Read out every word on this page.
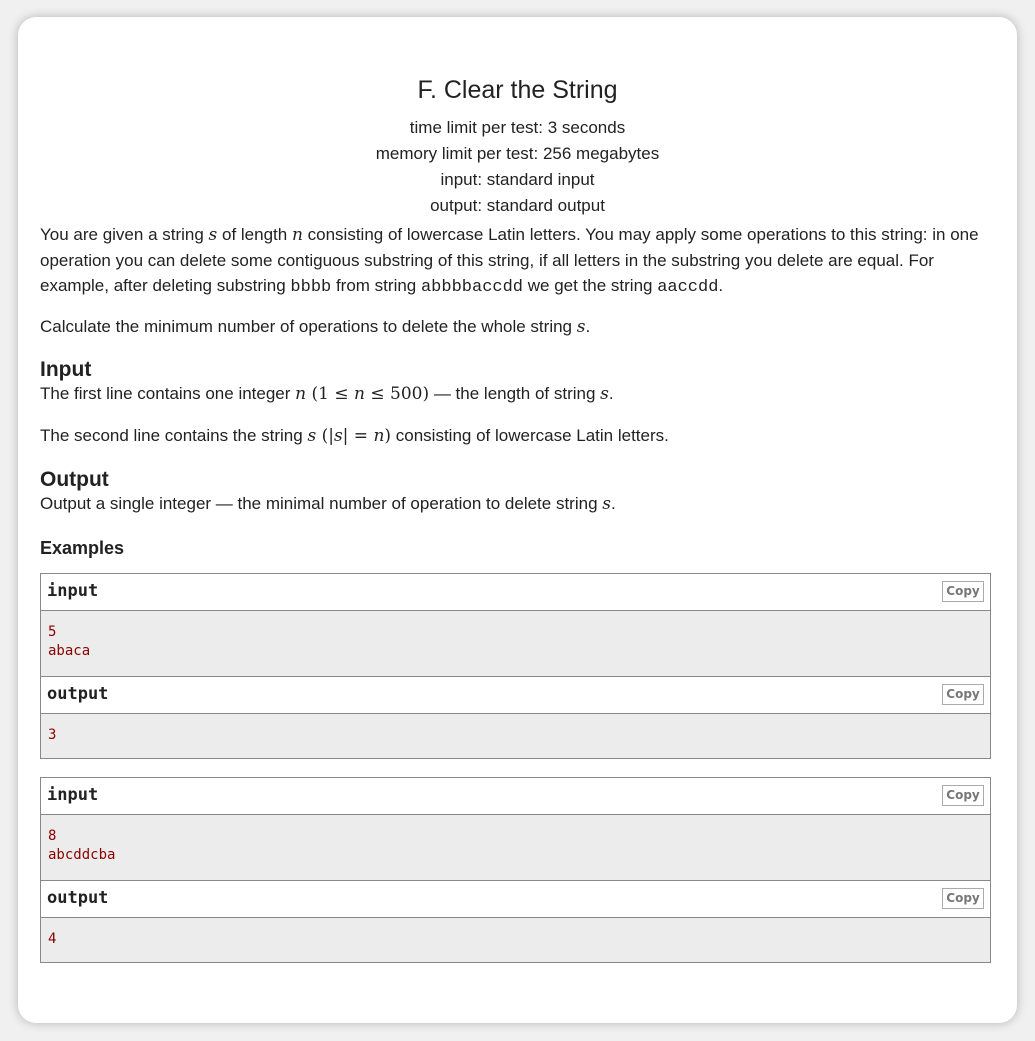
F. Clear the String
time limit per test: 3 seconds
memory limit per test: 256 megabytes
input: standard input
output: standard output
You are given a string s of length n consisting of lowercase Latin letters. You may apply some operations to this string: in one operation you can delete some contiguous substring of this string, if all letters in the substring you delete are equal. For example, after deleting substring bbbb from string abbbbaccdd we get the string aaccdd.
Calculate the minimum number of operations to delete the whole string s.
Input
The first line contains one integer n (1 ≤ n ≤ 500) — the length of string s.
The second line contains the string s (|s| = n) consisting of lowercase Latin letters.
Output
Output a single integer — the minimal number of operation to delete string s.
Examples
input	Copy
5
abaca
output	Copy
3
input	Copy
8
abcddcba
output	Copy
4
